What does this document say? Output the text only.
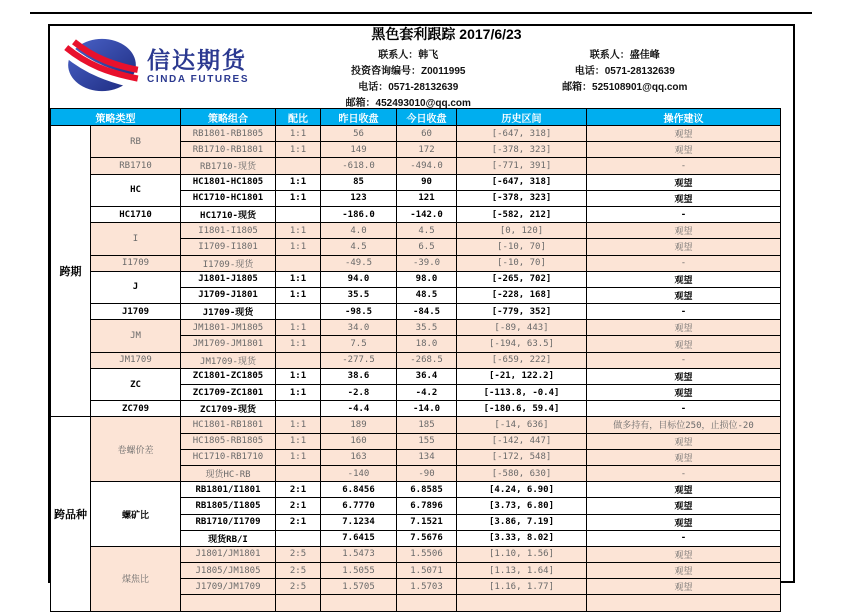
信达期货
CINDA FUTURES
黑色套利跟踪 2017/6/23
联系人：韩飞
投资咨询编号：Z0011995
电话：0571-28132639
邮箱：452493010@qq.com
联系人：盛佳峰
电话：0571-28132639
邮箱：525108901@qq.com
策略类型		策略组合	配比	昨日收盘	今日收盘	历史区间	操作建议
跨期	RB	RB1801-RB1805	1:1	56	60	[-647, 318]	观望
		RB1710-RB1801	1:1	149	172	[-378, 323]	观望
	RB1710	RB1710-现货		-618.0	-494.0	[-771, 391]	-
	HC	HC1801-HC1805	1:1	85	90	[-647, 318]	观望
		HC1710-HC1801	1:1	123	121	[-378, 323]	观望
	HC1710	HC1710-现货		-186.0	-142.0	[-582, 212]	-
	I	I1801-I1805	1:1	4.0	4.5	[0, 120]	观望
		I1709-I1801	1:1	4.5	6.5	[-10, 70]	观望
	I1709	I1709-现货		-49.5	-39.0	[-10, 70]	-
	J	J1801-J1805	1:1	94.0	98.0	[-265, 702]	观望
		J1709-J1801	1:1	35.5	48.5	[-228, 168]	观望
	J1709	J1709-现货		-98.5	-84.5	[-779, 352]	-
	JM	JM1801-JM1805	1:1	34.0	35.5	[-89, 443]	观望
		JM1709-JM1801	1:1	7.5	18.0	[-194, 63.5]	观望
	JM1709	JM1709-现货		-277.5	-268.5	[-659, 222]	-
	ZC	ZC1801-ZC1805	1:1	38.6	36.4	[-21, 122.2]	观望
		ZC1709-ZC1801	1:1	-2.8	-4.2	[-113.8, -0.4]	观望
	ZC709	ZC1709-现货		-4.4	-14.0	[-180.6, 59.4]	-
跨品种	卷螺价差	HC1801-RB1801	1:1	189	185	[-14, 636]	做多持有，目标位250，止损位-20
		HC1805-RB1805	1:1	160	155	[-142, 447]	观望
		HC1710-RB1710	1:1	163	134	[-172, 548]	观望
		现货HC-RB		-140	-90	[-580, 630]	-
	螺矿比	RB1801/I1801	2:1	6.8456	6.8585	[4.24, 6.90]	观望
		RB1805/I1805	2:1	6.7770	6.7896	[3.73, 6.80]	观望
		RB1710/I1709	2:1	7.1234	7.1521	[3.86, 7.19]	观望
		现货RB/I		7.6415	7.5676	[3.33, 8.02]	-
	煤焦比	J1801/JM1801	2:5	1.5473	1.5506	[1.10, 1.56]	观望
		J1805/JM1805	2:5	1.5055	1.5071	[1.13, 1.64]	观望
		J1709/JM1709	2:5	1.5705	1.5703	[1.16, 1.77]	观望
